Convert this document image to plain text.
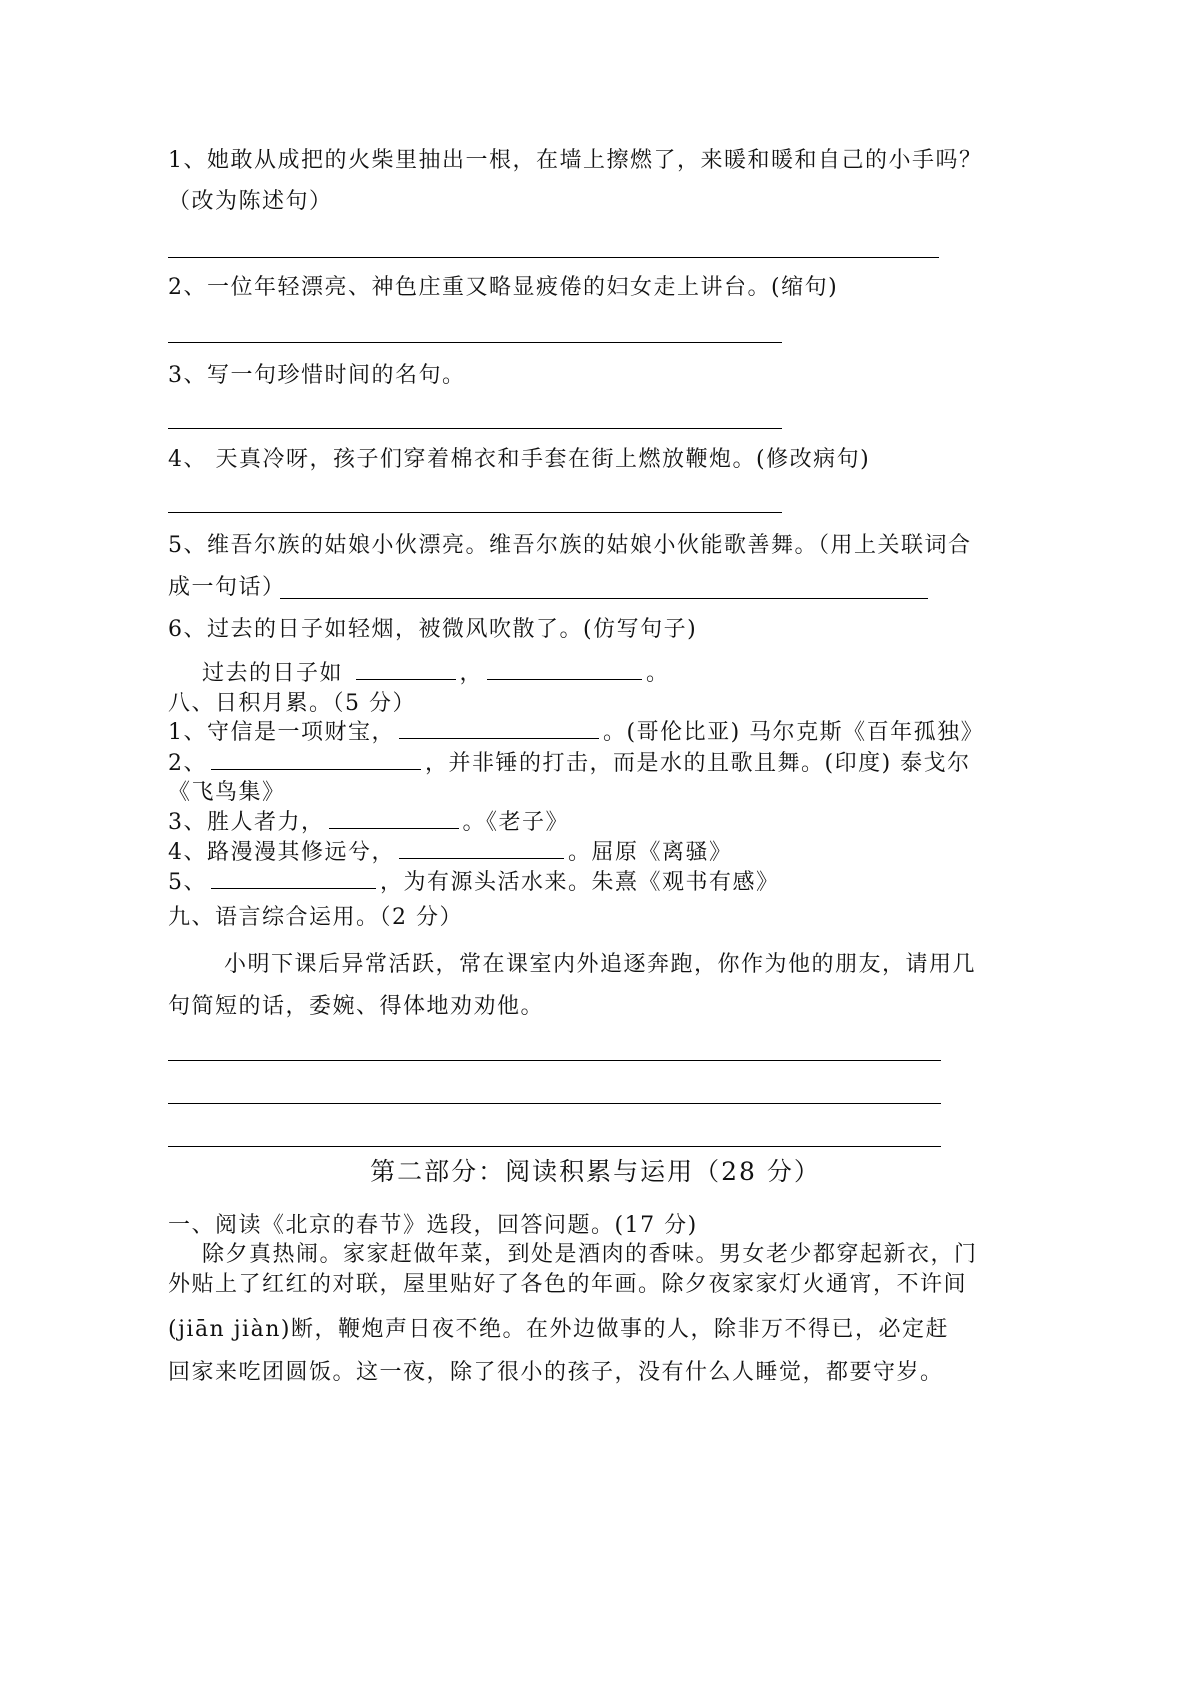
1、她敢从成把的火柴里抽出一根，在墙上擦燃了，来暖和暖和自己的小手吗？
（改为陈述句）
2、一位年轻漂亮、神色庄重又略显疲倦的妇女走上讲台。(缩句)
3、写一句珍惜时间的名句。
4、 天真冷呀，孩子们穿着棉衣和手套在街上燃放鞭炮。(修改病句)
5、维吾尔族的姑娘小伙漂亮。维吾尔族的姑娘小伙能歌善舞。（用上关联词合
成一句话）
6、过去的日子如轻烟，被微风吹散了。(仿写句子)
过去的日子如	，	。
八、日积月累。（5 分）
1、守信是一项财宝，	。(哥伦比亚) 马尔克斯《百年孤独》
2、	，并非锤的打击，而是水的且歌且舞。(印度) 泰戈尔
《飞鸟集》
3、胜人者力，	。《老子》
4、路漫漫其修远兮，	。屈原《离骚》
5、	，为有源头活水来。朱熹《观书有感》
九、语言综合运用。（2 分）
小明下课后异常活跃，常在课室内外追逐奔跑，你作为他的朋友，请用几
句简短的话，委婉、得体地劝劝他。
第二部分：阅读积累与运用（28 分）
一、阅读《北京的春节》选段，回答问题。(17 分)
除夕真热闹。家家赶做年菜，到处是酒肉的香味。男女老少都穿起新衣，门
外贴上了红红的对联，屋里贴好了各色的年画。除夕夜家家灯火通宵，不许间
(jiān jiàn)断，鞭炮声日夜不绝。在外边做事的人，除非万不得已，必定赶
回家来吃团圆饭。这一夜，除了很小的孩子，没有什么人睡觉，都要守岁。
